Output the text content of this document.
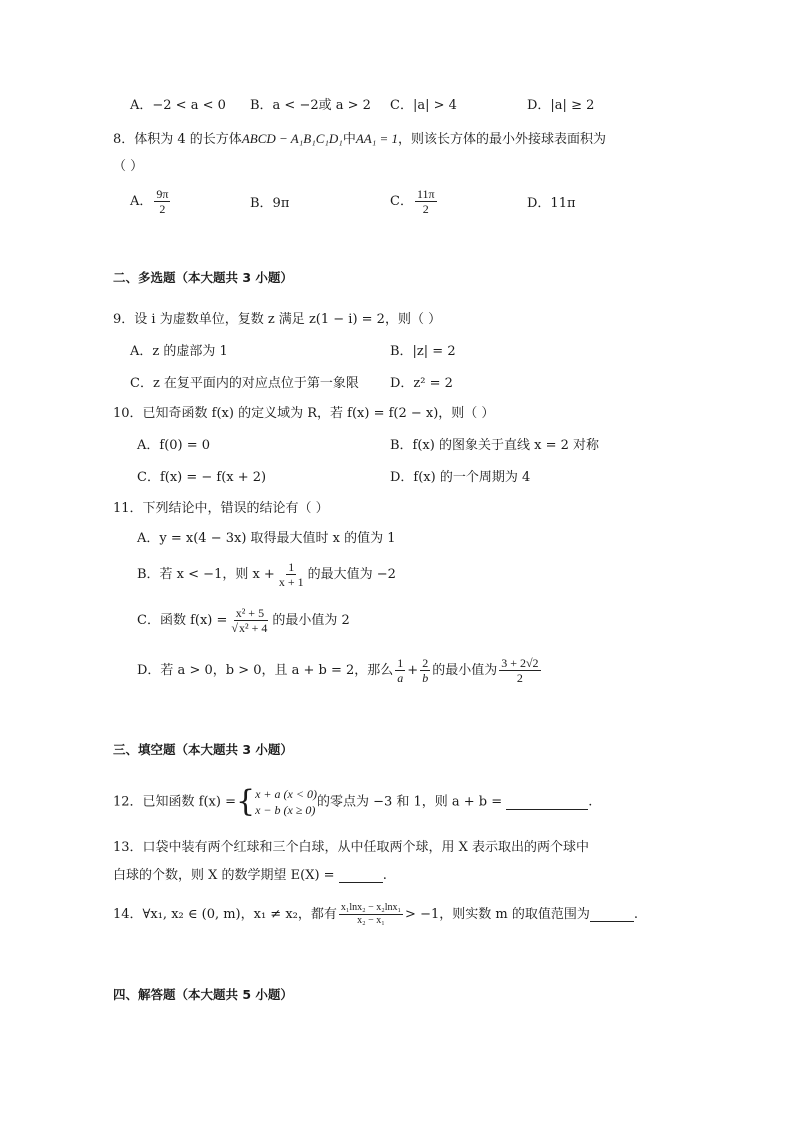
A．−2 < a < 0 B．a < −2或 a > 2 C．|a| > 4	D．|a| ≥ 2
8．体积为 4 的长方体ABCD − A₁B₁C₁D₁中AA₁ = 1，则该长方体的最小外接球表面积为
（ ）
A． $\frac{9\pi}{2}$	B．9π	C． $\frac{11\pi}{2}$	D．11π
二、多选题（本大题共 3 小题）
9．设 i 为虚数单位，复数 z 满足 z(1 − i) = 2，则（ ）
A．z 的虚部为 1	B．|z| = 2
C．z 在复平面内的对应点位于第一象限 D．z² = 2
10．已知奇函数 f(x) 的定义域为 R，若 f(x) = f(2 − x)，则（ ）
A．f(0) = 0	B．f(x) 的图象关于直线 x = 2 对称
C．f(x) = − f(x + 2)	D．f(x) 的一个周期为 4
11．下列结论中，错误的结论有（ ）
A．y = x(4 − 3x) 取得最大值时 x 的值为 1
B．若 x < −1，则 $x + \frac{1}{x + 1}$ 的最大值为 −2
C．函数 $f(x) = \frac{\text{x² + 5}}{\text{√x² + 4}}$ 的最小值为 2
D．若 a > 0，b > 0，且 a + b = 2，那么 $\frac{1}{a} + \frac{2}{b}$ 的最小值为 $\frac{3 + 2√2}{2}$
三、填空题（本大题共 3 小题）
12．已知函数 f(x) = { x + a (x < 0)
x − b (x ≥ 0)
的零点为 −3 和 1，则 a + b =	.
13．口袋中装有两个红球和三个白球，从中任取两个球，用 X 表示取出的两个球中
白球的个数，则 X 的数学期望 E(X) =	.
14．∀x₁, x₂ ∈ (0, m)，x₁ ≠ x₂，都有 $\frac{\text{x₁lnx₂ − x₂lnx₁}}{\text{x₂ − x₁}} > -1$，则实数 m 的取值范围为	.
四、解答题（本大题共 5 小题）
